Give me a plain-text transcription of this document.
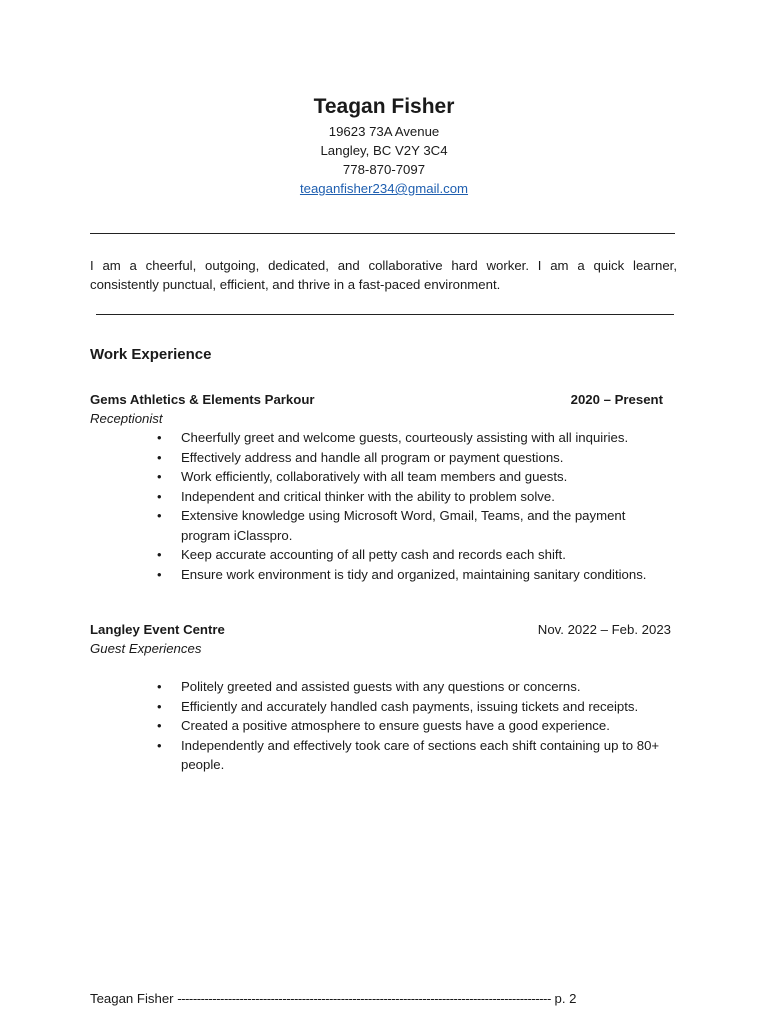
Teagan Fisher
19623 73A Avenue
Langley, BC V2Y 3C4
778-870-7097
teaganfisher234@gmail.com
I am a cheerful, outgoing, dedicated, and collaborative hard worker. I am a quick learner, consistently punctual, efficient, and thrive in a fast-paced environment.
Work Experience
Gems Athletics & Elements Parkour	2020 – Present
Receptionist
• Cheerfully greet and welcome guests, courteously assisting with all inquiries.
• Effectively address and handle all program or payment questions.
• Work efficiently, collaboratively with all team members and guests.
• Independent and critical thinker with the ability to problem solve.
• Extensive knowledge using Microsoft Word, Gmail, Teams, and the payment program iClasspro.
• Keep accurate accounting of all petty cash and records each shift.
• Ensure work environment is tidy and organized, maintaining sanitary conditions.
Langley Event Centre	Nov. 2022 – Feb. 2023
Guest Experiences
• Politely greeted and assisted guests with any questions or concerns.
• Efficiently and accurately handled cash payments, issuing tickets and receipts.
• Created a positive atmosphere to ensure guests have a good experience.
• Independently and effectively took care of sections each shift containing up to 80+ people.
Teagan Fisher ------------------------------------------------------------------------------------------------ p. 2
